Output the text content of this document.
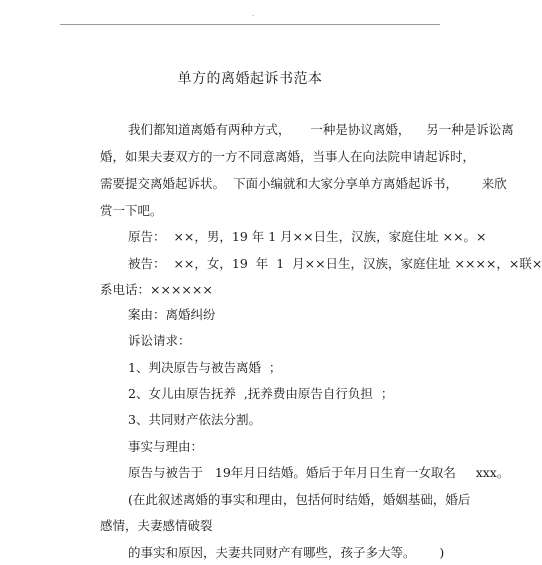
.
单方的离婚起诉书范本
我们都知道离婚有两种方式，     一种是协议离婚，    另一种是诉讼离
婚，如果夫妻双方的一方不同意离婚，当事人在向法院申请起诉时，
需要提交离婚起诉状。  下面小编就和大家分享单方离婚起诉书，      来欣
赏一下吧。
原告：  ××，男，19 年 1 月××日生，汉族，家庭住址 ××。×
被告：  ××，女，19  年  1  月××日生，汉族，家庭住址 ××××，×联×
系电话：××××××
案由：离婚纠纷
诉讼请求：
1、判决原告与被告离婚  ；
2、女儿由原告抚养  ,抚养费由原告自行负担  ；
3、共同财产依法分割。
事实与理由：
原告与被告于   19年月日结婚。婚后于年月日生育一女取名     xxx。
(在此叙述离婚的事实和理由，包括何时结婚，婚姻基础，婚后
感情，夫妻感情破裂
的事实和原因，夫妻共同财产有哪些，孩子多大等。      )
